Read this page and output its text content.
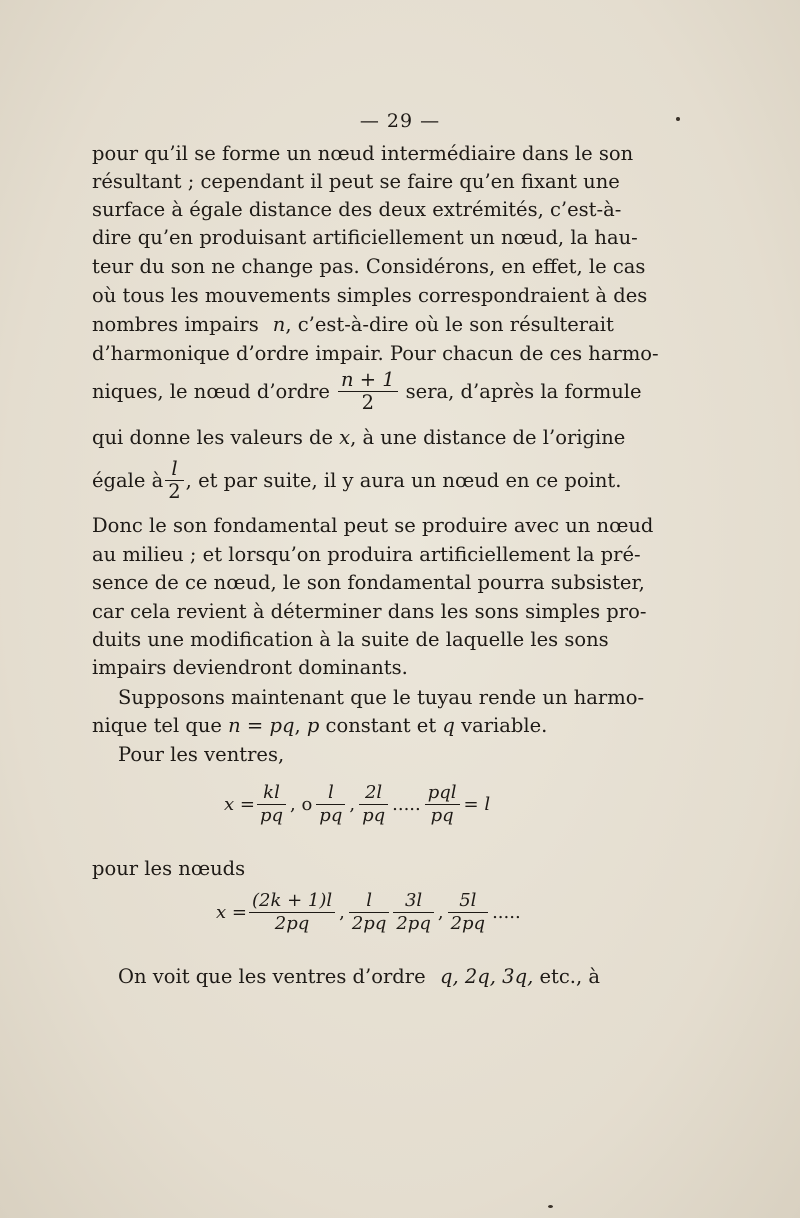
— 29 —
pour qu’il se forme un nœud intermédiaire dans le son
résultant ; cependant il peut se faire qu’en fixant une
surface à égale distance des deux extrémités, c’est-à-
dire qu’en produisant artificiellement un nœud, la hau-
teur du son ne change pas. Considérons, en effet, le cas
où tous les mouvements simples correspondraient à des
nombres impairs n, c’est-à-dire où le son résulterait
d’harmonique d’ordre impair. Pour chacun de ces harmo-
niques, le nœud d’ordre $\frac{n + 1}{2}$ sera, d’après la formule
qui donne les valeurs de x, à une distance de l’origine
égale à $\frac{l}{2}$ , et par suite, il y aura un nœud en ce point.
Donc le son fondamental peut se produire avec un nœud
au milieu ; et lorsqu’on produira artificiellement la pré-
sence de ce nœud, le son fondamental pourra subsister,
car cela revient à déterminer dans les sons simples pro-
duits une modification à la suite de laquelle les sons
impairs deviendront dominants.
Supposons maintenant que le tuyau rende un harmo-
nique tel que n = pq, p constant et q variable.
Pour les ventres,
$x = \frac{kl}{pq}$ , o $\frac{l}{pq}$ , $\frac{2l}{pq}$ ..... $\frac{\text{pql}}{pq} = l$
pour les nœuds
$x = \frac{(2k + 1)l}{2pq}$ , $\frac{l}{2pq} \frac{3l}{2pq}$ , $\frac{5l}{2pq}$ .....
On voit que les ventres d’ordre q, 2q, 3q, etc., à
